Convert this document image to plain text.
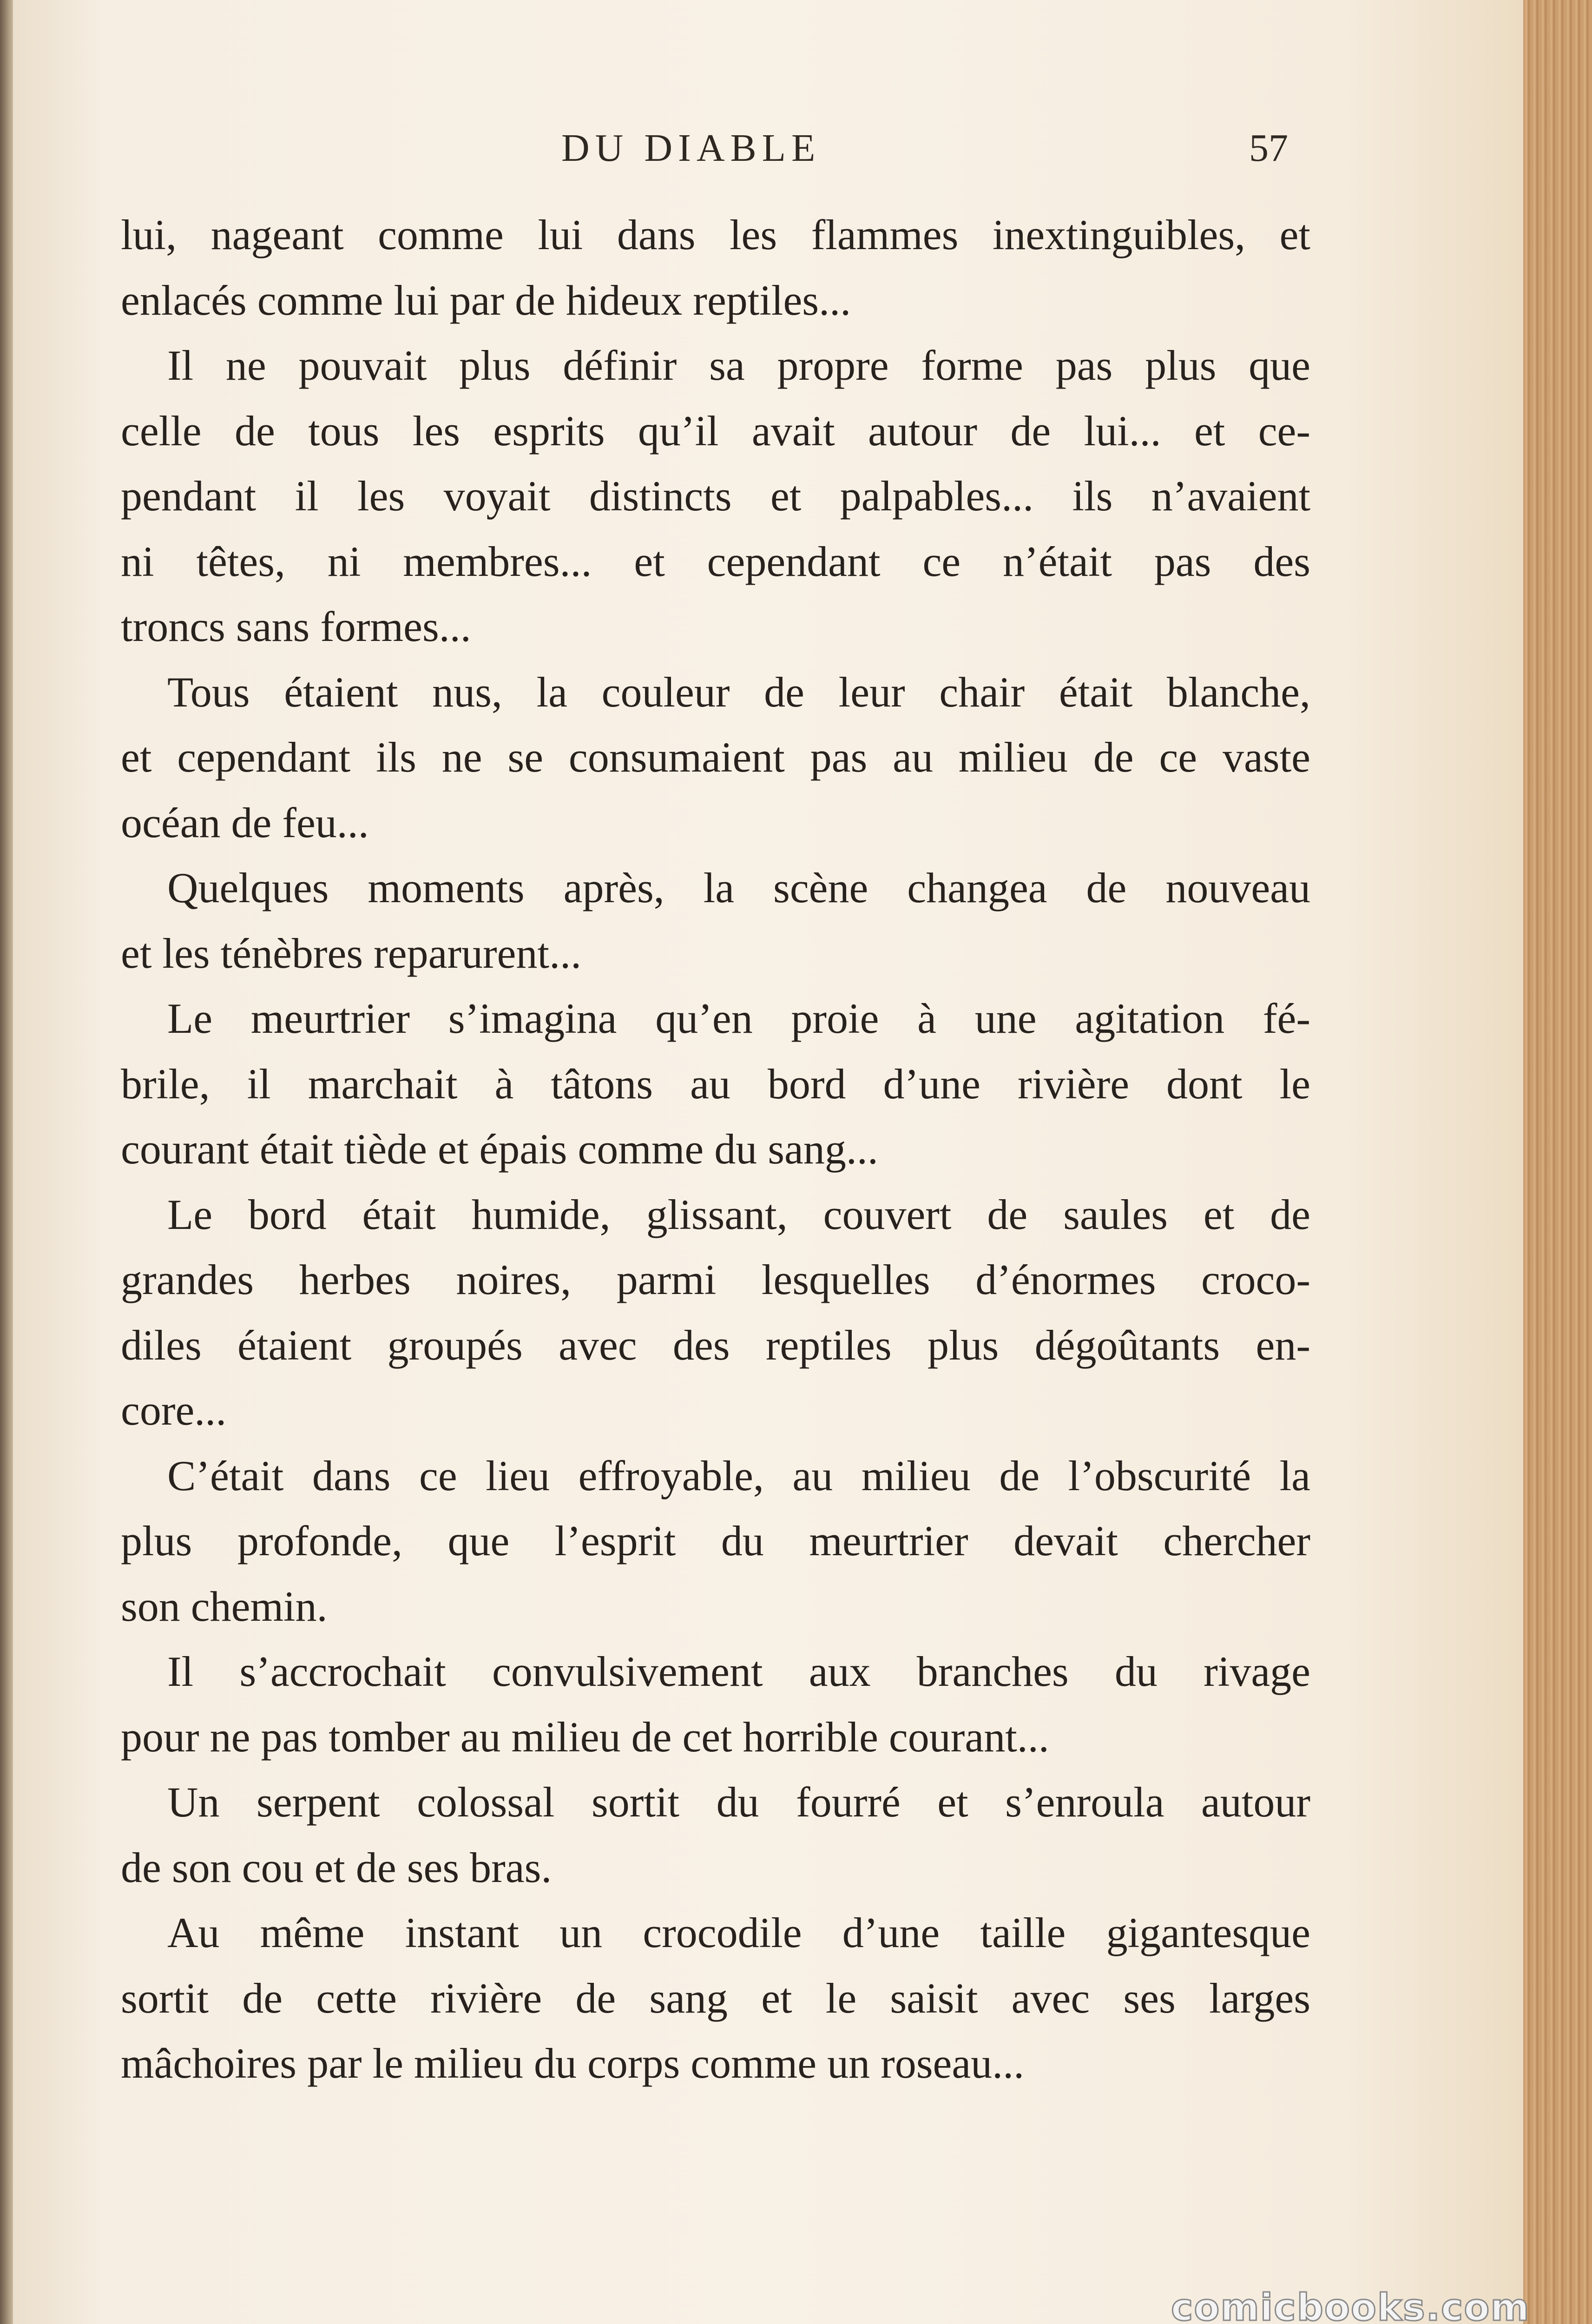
DU DIABLE	57
lui, nageant comme lui dans les flammes inextinguibles, et
enlacés comme lui par de hideux reptiles...
Il ne pouvait plus définir sa propre forme pas plus que
celle de tous les esprits qu’il avait autour de lui... et ce-
pendant il les voyait distincts et palpables... ils n’avaient
ni têtes, ni membres... et cependant ce n’était pas des
troncs sans formes...
Tous étaient nus, la couleur de leur chair était blanche,
et cependant ils ne se consumaient pas au milieu de ce vaste
océan de feu...
Quelques moments après, la scène changea de nouveau
et les ténèbres reparurent...
Le meurtrier s’imagina qu’en proie à une agitation fé-
brile, il marchait à tâtons au bord d’une rivière dont le
courant était tiède et épais comme du sang...
Le bord était humide, glissant, couvert de saules et de
grandes herbes noires, parmi lesquelles d’énormes croco-
diles étaient groupés avec des reptiles plus dégoûtants en-
core...
C’était dans ce lieu effroyable, au milieu de l’obscurité la
plus profonde, que l’esprit du meurtrier devait chercher
son chemin.
Il s’accrochait convulsivement aux branches du rivage
pour ne pas tomber au milieu de cet horrible courant...
Un serpent colossal sortit du fourré et s’enroula autour
de son cou et de ses bras.
Au même instant un crocodile d’une taille gigantesque
sortit de cette rivière de sang et le saisit avec ses larges
mâchoires par le milieu du corps comme un roseau...
comicbooks.com
